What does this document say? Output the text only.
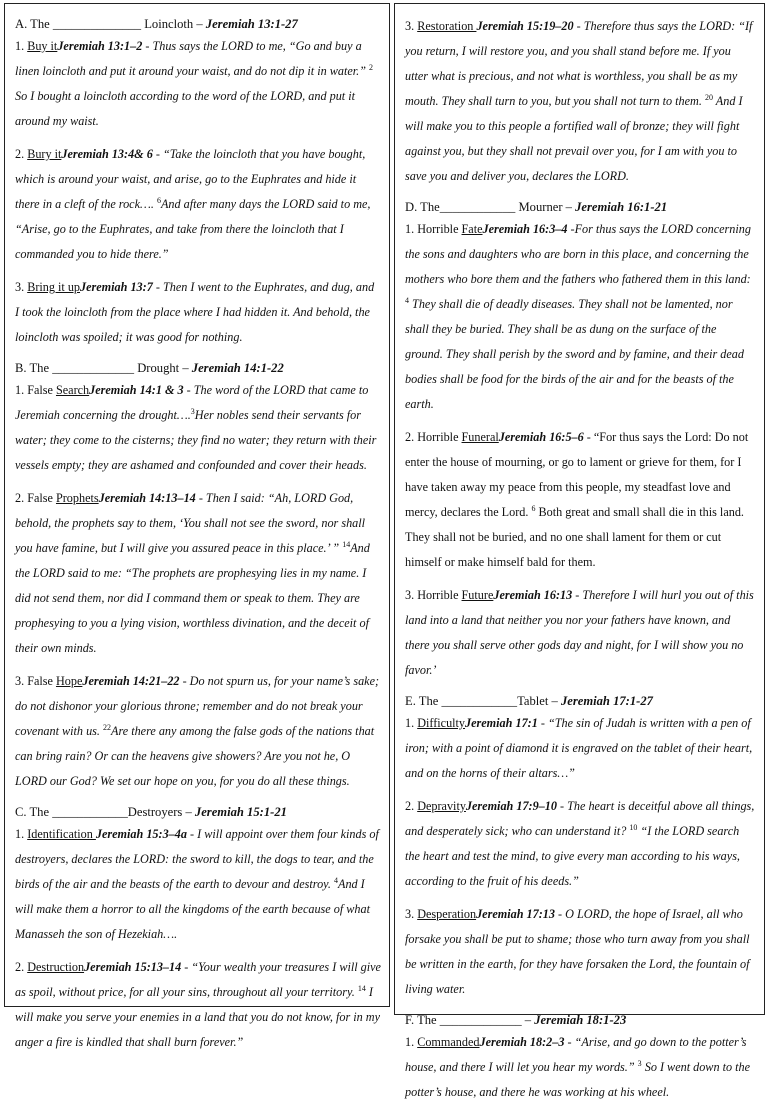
A. The ______________ Loincloth – Jeremiah 13:1-27
1. Buy itJeremiah 13:1–2 - Thus says the LORD to me, “Go and buy a linen loincloth and put it around your waist, and do not dip it in water.” $^2$ So I bought a loincloth according to the word of the LORD, and put it around my waist.
2. Bury itJeremiah 13:4& 6 - “Take the loincloth that you have bought, which is around your waist, and arise, go to the Euphrates and hide it there in a cleft of the rock…. $^6$And after many days the LORD said to me, “Arise, go to the Euphrates, and take from there the loincloth that I commanded you to hide there.”
3. Bring it upJeremiah 13:7 - Then I went to the Euphrates, and dug, and I took the loincloth from the place where I had hidden it. And behold, the loincloth was spoiled; it was good for nothing.
B. The _____________ Drought – Jeremiah 14:1-22
1. False SearchJeremiah 14:1 & 3 - The word of the LORD that came to Jeremiah concerning the drought….$^3$Her nobles send their servants for water; they come to the cisterns; they find no water; they return with their vessels empty; they are ashamed and confounded and cover their heads.
2. False ProphetsJeremiah 14:13–14 - Then I said: “Ah, LORD God, behold, the prophets say to them, ‘You shall not see the sword, nor shall you have famine, but I will give you assured peace in this place.’ ” $^{14}$And the LORD said to me: “The prophets are prophesying lies in my name. I did not send them, nor did I command them or speak to them. They are prophesying to you a lying vision, worthless divination, and the deceit of their own minds.
3. False HopeJeremiah 14:21–22 - Do not spurn us, for your name’s sake; do not dishonor your glorious throne; remember and do not break your covenant with us. $^{22}$Are there any among the false gods of the nations that can bring rain? Or can the heavens give showers? Are you not he, O LORD our God? We set our hope on you, for you do all these things.
C. The ____________Destroyers – Jeremiah 15:1-21
1. Identification Jeremiah 15:3–4a - I will appoint over them four kinds of destroyers, declares the LORD: the sword to kill, the dogs to tear, and the birds of the air and the beasts of the earth to devour and destroy. $^4$And I will make them a horror to all the kingdoms of the earth because of what Manasseh the son of Hezekiah….
2. DestructionJeremiah 15:13–14 - “Your wealth your treasures I will give as spoil, without price, for all your sins, throughout all your territory. $^{14}$ I will make you serve your enemies in a land that you do not know, for in my anger a fire is kindled that shall burn forever.”
3. Restoration Jeremiah 15:19–20 - Therefore thus says the LORD: “If you return, I will restore you, and you shall stand before me. If you utter what is precious, and not what is worthless, you shall be as my mouth. They shall turn to you, but you shall not turn to them. $^{20}$ And I will make you to this people a fortified wall of bronze; they will fight against you, but they shall not prevail over you, for I am with you to save you and deliver you, declares the LORD.
D. The____________ Mourner – Jeremiah 16:1-21
1. Horrible FateJeremiah 16:3–4 -For thus says the LORD concerning the sons and daughters who are born in this place, and concerning the mothers who bore them and the fathers who fathered them in this land: $^4$ They shall die of deadly diseases. They shall not be lamented, nor shall they be buried. They shall be as dung on the surface of the ground. They shall perish by the sword and by famine, and their dead bodies shall be food for the birds of the air and for the beasts of the earth.
2. Horrible FuneralJeremiah 16:5–6 - “For thus says the Lord: Do not enter the house of mourning, or go to lament or grieve for them, for I have taken away my peace from this people, my steadfast love and mercy, declares the Lord. $^6$ Both great and small shall die in this land. They shall not be buried, and no one shall lament for them or cut himself or make himself bald for them.
3. Horrible FutureJeremiah 16:13 - Therefore I will hurl you out of this land into a land that neither you nor your fathers have known, and there you shall serve other gods day and night, for I will show you no favor.’
E. The ____________Tablet – Jeremiah 17:1-27
1. DifficultyJeremiah 17:1 - “The sin of Judah is written with a pen of iron; with a point of diamond it is engraved on the tablet of their heart, and on the horns of their altars…”
2. DepravityJeremiah 17:9–10 - The heart is deceitful above all things, and desperately sick; who can understand it? $^{10}$ “I the LORD search the heart and test the mind, to give every man according to his ways, according to the fruit of his deeds.”
3. DesperationJeremiah 17:13 - O LORD, the hope of Israel, all who forsake you shall be put to shame; those who turn away from you shall be written in the earth, for they have forsaken the Lord, the fountain of living water.
F. The _____________ – Jeremiah 18:1-23
1. CommandedJeremiah 18:2–3 - “Arise, and go down to the potter’s house, and there I will let you hear my words.” $^3$ So I went down to the potter’s house, and there he was working at his wheel.
